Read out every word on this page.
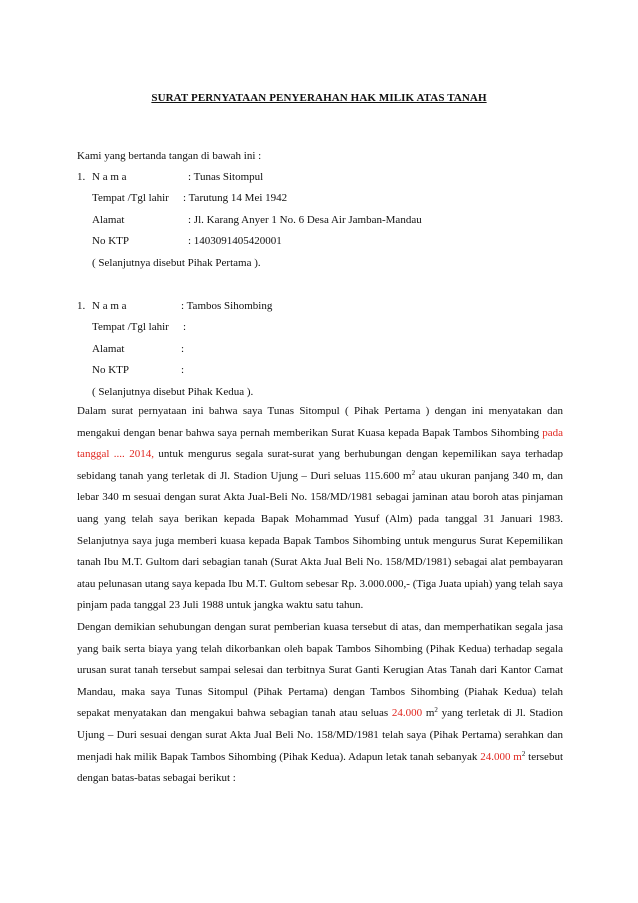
SURAT PERNYATAAN PENYERAHAN HAK MILIK ATAS TANAH
Kami yang bertanda tangan di bawah ini :
1. N a m a	: Tunas Sitompul
Tempat /Tgl lahir : Tarutung 14 Mei 1942
Alamat	: Jl. Karang Anyer 1 No. 6 Desa Air Jamban-Mandau
No KTP	: 1403091405420001
( Selanjutnya disebut Pihak Pertama ).
1. N a m a	: Tambos Sihombing
Tempat /Tgl lahir :
Alamat	:
No KTP	:
( Selanjutnya disebut Pihak Kedua ).
Dalam surat pernyataan ini bahwa saya Tunas Sitompul ( Pihak Pertama ) dengan ini menyatakan dan mengakui dengan benar bahwa saya pernah memberikan Surat Kuasa kepada Bapak Tambos Sihombing pada tanggal .... 2014, untuk mengurus segala surat-surat yang berhubungan dengan kepemilikan saya terhadap sebidang tanah yang terletak di Jl. Stadion Ujung – Duri seluas 115.600 $m^2$ atau ukuran panjang 340 m, dan lebar 340 m sesuai dengan surat Akta Jual-Beli No. 158/MD/1981 sebagai jaminan atau boroh atas pinjaman uang yang telah saya berikan kepada Bapak Mohammad Yusuf (Alm) pada tanggal 31 Januari 1983. Selanjutnya saya juga memberi kuasa kepada Bapak Tambos Sihombing untuk mengurus Surat Kepemilikan tanah Ibu M.T. Gultom dari sebagian tanah (Surat Akta Jual Beli No. 158/MD/1981) sebagai alat pembayaran atau pelunasan utang saya kepada Ibu M.T. Gultom sebesar Rp. 3.000.000,- (Tiga Juata upiah) yang telah saya pinjam pada tanggal 23 Juli 1988 untuk jangka waktu satu tahun.
Dengan demikian sehubungan dengan surat pemberian kuasa tersebut di atas, dan memperhatikan segala jasa yang baik serta biaya yang telah dikorbankan oleh bapak Tambos Sihombing (Pihak Kedua) terhadap segala urusan surat tanah tersebut sampai selesai dan terbitnya Surat Ganti Kerugian Atas Tanah dari Kantor Camat Mandau, maka saya Tunas Sitompul (Pihak Pertama) dengan Tambos Sihombing (Piahak Kedua) telah sepakat menyatakan dan mengakui bahwa sebagian tanah atau seluas 24.000 $m^2$ yang terletak di Jl. Stadion Ujung – Duri sesuai dengan surat Akta Jual Beli No. 158/MD/1981 telah saya (Pihak Pertama) serahkan dan menjadi hak milik Bapak Tambos Sihombing (Pihak Kedua). Adapun letak tanah sebanyak 24.000 $m^2$ tersebut dengan batas-batas sebagai berikut :
